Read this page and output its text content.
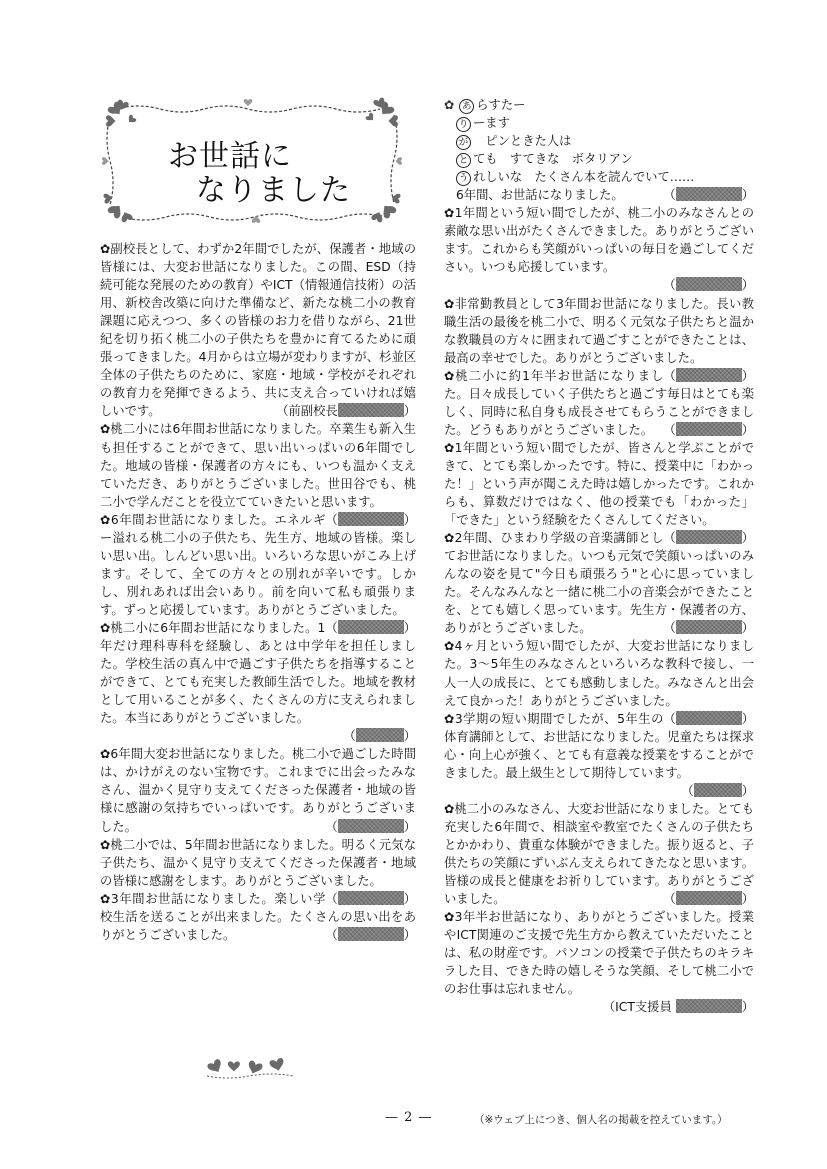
お世話に
なりました

✿副校長として、わずか2年間でしたが、保護者・地域の皆様には、大変お世話になりました。この間、ESD（持続可能な発展のための教育）やICT（情報通信技術）の活用、新校舎改築に向けた準備など、新たな桃二小の教育課題に応えつつ、多くの皆様のお力を借りながら、21世紀を切り拓く桃二小の子供たちを豊かに育てるために頑張ってきました。4月からは立場が変わりますが、杉並区全体の子供たちのために、家庭・地域・学校がそれぞれの教育力を発揮できるよう、共に支え合っていければ嬉しいです。	（前副校長	）

✿桃二小には6年間お世話になりました。卒業生も新入生も担任することができて、思い出いっぱいの6年間でした。地域の皆様・保護者の方々にも、いつも温かく支えていただき、ありがとうございました。世田谷でも、桃二小で学んだことを役立てていきたいと思います。
（	）

✿6年間お世話になりました。エネルギー溢れる桃二小の子供たち、先生方、地域の皆様。楽しい思い出。しんどい思い出。いろいろな思いがこみ上げます。そして、全ての方々との別れが辛いです。しかし、別れあれば出会いあり。前を向いて私も頑張ります。ずっと応援しています。ありがとうございました。
（	）

✿桃二小に6年間お世話になりました。1年だけ理科専科を経験し、あとは中学年を担任しました。学校生活の真ん中で過ごす子供たちを指導することができて、とても充実した教師生活でした。地域を教材として用いることが多く、たくさんの方に支えられました。本当にありがとうございました。

（	）

✿6年間大変お世話になりました。桃二小で過ごした時間は、かけがえのない宝物です。これまでに出会ったみなさん、温かく見守り支えてくださった保護者・地域の皆様に感謝の気持ちでいっぱいです。ありがとうございました。	（	）

✿桃二小では、5年間お世話になりました。明るく元気な子供たち、温かく見守り支えてくださった保護者・地域の皆様に感謝をします。ありがとうございました。
（	）

✿3年間お世話になりました。楽しい学校生活を送ることが出来ました。たくさんの思い出をありがとうございました。	（	）

✿ あ らすたー
り ーます
が　ピンときた人は
と ても　すてきな　ボタリアン
う れしいな　たくさん本を読んでいて……
6年間、お世話になりました。	（	）

✿1年間という短い間でしたが、桃二小のみなさんとの素敵な思い出がたくさんできました。ありがとうございます。これからも笑顔がいっぱいの毎日を過ごしてください。いつも応援しています。

（	）

✿非常勤教員として3年間お世話になりました。長い教職生活の最後を桃二小で、明るく元気な子供たちと温かな教職員の方々に囲まれて過ごすことができたことは、最高の幸せでした。ありがとうございました。
（	）

✿桃二小に約1年半お世話になりました。日々成長していく子供たちと過ごす毎日はとても楽しく、同時に私自身も成長させてもらうことができました。どうもありがとうございました。 （	）

✿1年間という短い間でしたが、皆さんと学ぶことができて、とても楽しかったです。特に、授業中に「わかった！」という声が聞こえた時は嬉しかったです。これからも、算数だけではなく、他の授業でも「わかった」「できた」という経験をたくさんしてください。
（	）

✿2年間、ひまわり学級の音楽講師としてお世話になりました。いつも元気で笑顔いっぱいのみんなの姿を見て"今日も頑張ろう"と心に思っていました。そんなみんなと一緒に桃二小の音楽会ができたことを、とても嬉しく思っています。先生方・保護者の方、ありがとうございました。	（	）

✿4ヶ月という短い間でしたが、大変お世話になりました。3〜5年生のみなさんといろいろな教科で接し、一人一人の成長に、とても感動しました。みなさんと出会えて良かった！ありがとうございました。
（	）

✿3学期の短い期間でしたが、5年生の体育講師として、お世話になりました。児童たちは探求心・向上心が強く、とても有意義な授業をすることができました。最上級生として期待しています。

（	）

✿桃二小のみなさん、大変お世話になりました。とても充実した6年間で、相談室や教室でたくさんの子供たちとかかわり、貴重な体験ができました。振り返ると、子供たちの笑顔にずいぶん支えられてきたなと思います。皆様の成長と健康をお祈りしています。ありがとうございました。	（	）

✿3年半お世話になり、ありがとうございました。授業やICT関連のご支援で先生方から教えていただいたことは、私の財産です。パソコンの授業で子供たちのキラキラした目、できた時の嬉しそうな笑顔、そして桃二小でのお仕事は忘れません。

（ICT支援員	）
— 2 —	（※ウェブ上につき、個人名の掲載を控えています。）
